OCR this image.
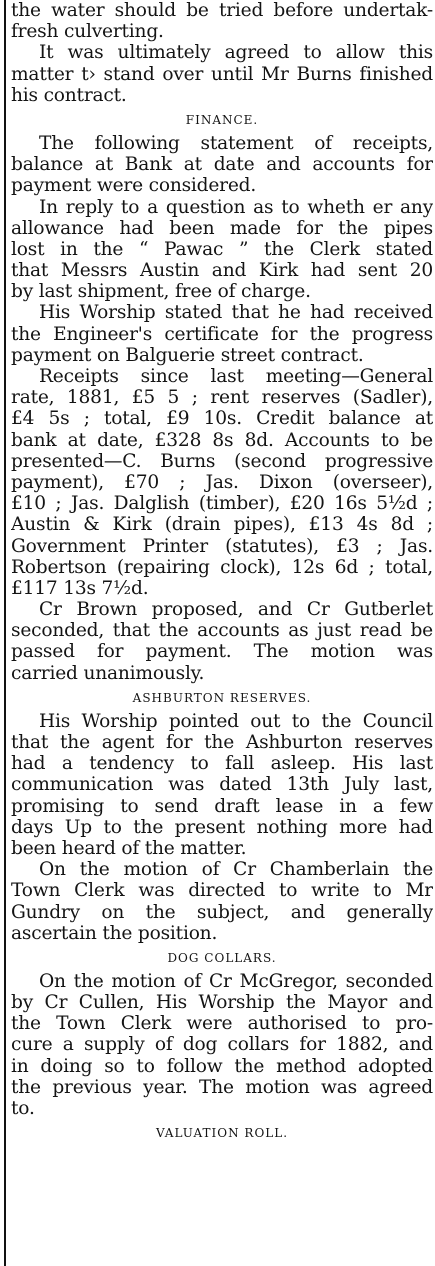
the water should be tried before undertak-
fresh culverting.
It was ultimately agreed to allow this
matter t› stand over until Mr Burns finished
his contract.
FINANCE.
The following statement of receipts,
balance at Bank at date and accounts for
payment were considered.
In reply to a question as to wheth er any
allowance had been made for the pipes
lost in the “ Pawac ” the Clerk stated
that Messrs Austin and Kirk had sent 20
by last shipment, free of charge.
His Worship stated that he had received
the Engineer's certificate for the progress
payment on Balguerie street contract.
Receipts since last meeting—General
rate, 1881, £5 5 ; rent reserves (Sadler),
£4 5s ; total, £9 10s. Credit balance at
bank at date, £328 8s 8d. Accounts to be
presented—C. Burns (second progressive
payment), £70 ; Jas. Dixon (overseer),
£10 ; Jas. Dalglish (timber), £20 16s 5½d ;
Austin & Kirk (drain pipes), £13 4s 8d ;
Government Printer (statutes), £3 ; Jas.
Robertson (repairing clock), 12s 6d ; total,
£117 13s 7½d.
Cr Brown proposed, and Cr Gutberlet
seconded, that the accounts as just read be
passed for payment. The motion was
carried unanimously.
ASHBURTON RESERVES.
His Worship pointed out to the Council
that the agent for the Ashburton reserves
had a tendency to fall asleep. His last
communication was dated 13th July last,
promising to send draft lease in a few
days Up to the present nothing more had
been heard of the matter.
On the motion of Cr Chamberlain the
Town Clerk was directed to write to Mr
Gundry on the subject, and generally
ascertain the position.
DOG COLLARS.
On the motion of Cr McGregor, seconded
by Cr Cullen, His Worship the Mayor and
the Town Clerk were authorised to pro-
cure a supply of dog collars for 1882, and
in doing so to follow the method adopted
the previous year. The motion was agreed
to.
VALUATION ROLL.
